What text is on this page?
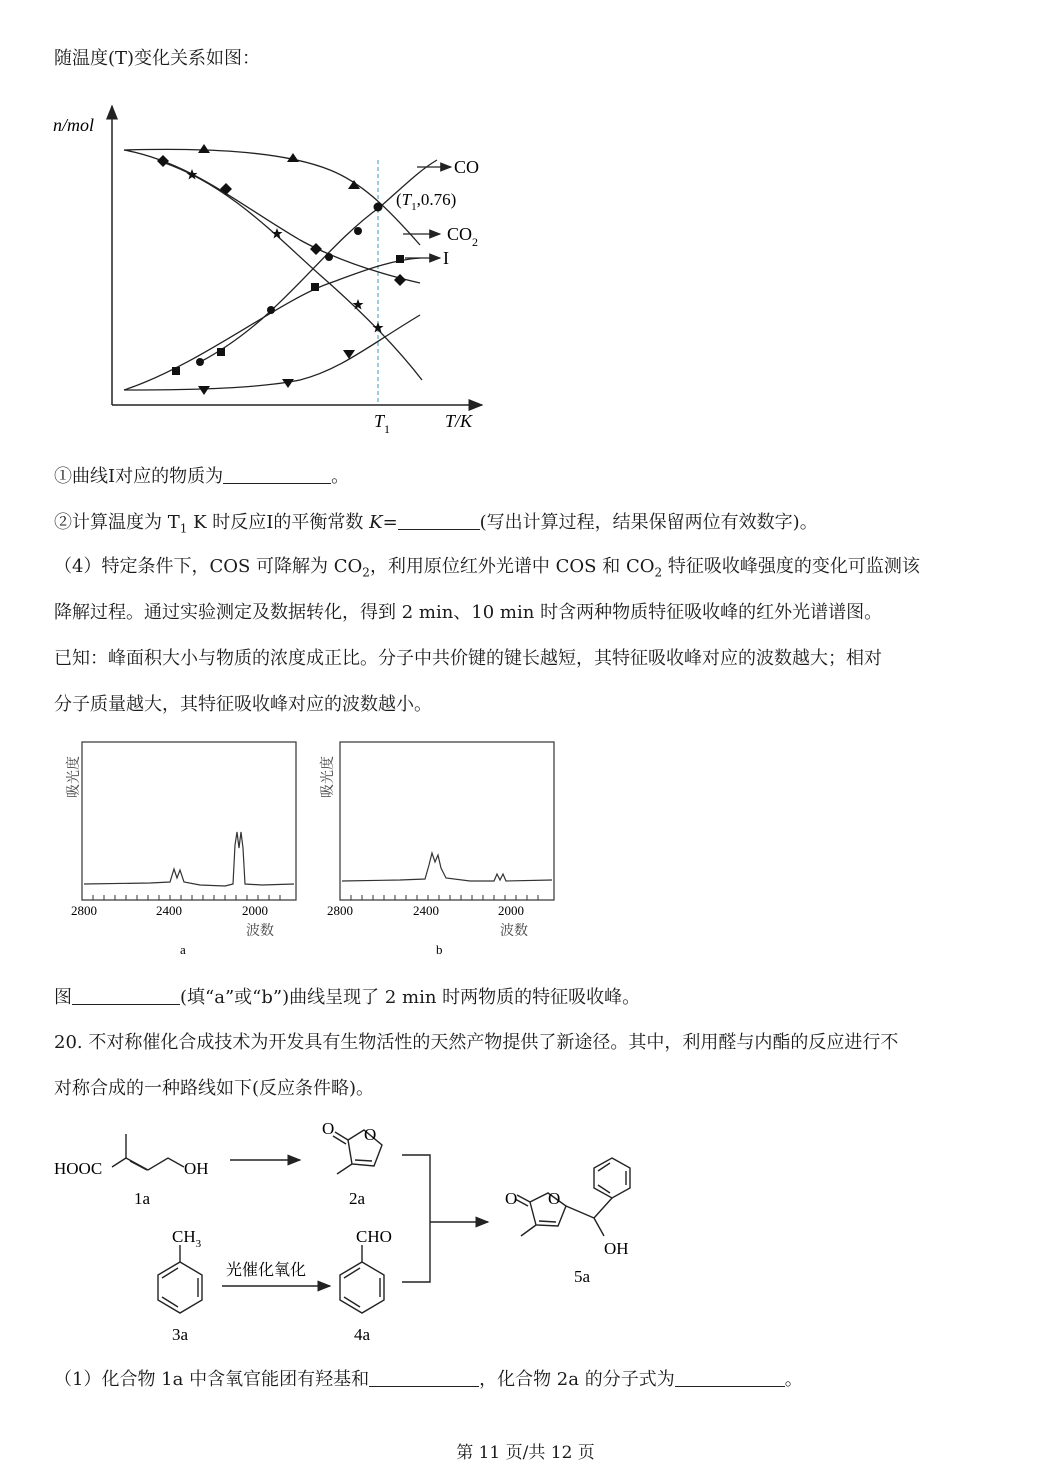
随温度(T)变化关系如图：
n/mol
T/K
$T_1$
CO
$CO_2$
I
$(T_1,0.76)$
①曲线Ⅰ对应的物质为	。
②计算温度为 $T_1$ K 时反应Ⅰ的平衡常数 K=	(写出计算过程，结果保留两位有效数字)。
（4）特定条件下，COS 可降解为 $CO_2$，利用原位红外光谱中 COS 和 $CO_2$ 特征吸收峰强度的变化可监测该
降解过程。通过实验测定及数据转化，得到 2 min、10 min 时含两种物质特征吸收峰的红外光谱谱图。
已知：峰面积大小与物质的浓度成正比。分子中共价键的键长越短，其特征吸收峰对应的波数越大；相对
分子质量越大，其特征吸收峰对应的波数越小。
吸光度
2800	2400	2000
波数
a
吸光度
2800	2400	2000
波数
b
图	(填“a”或“b”)曲线呈现了 2 min 时两物质的特征吸收峰。
20. 不对称催化合成技术为开发具有生物活性的天然产物提供了新途径。其中，利用醛与内酯的反应进行不
对称合成的一种路线如下(反应条件略)。
HOOC	OH
O O
O O
OH
$CH_3$	CHO
光催化氧化
1a	2a
3a	4a
5a
（1）化合物 1a 中含氧官能团有羟基和	，化合物 2a 的分子式为	。
第 11 页/共 12 页
